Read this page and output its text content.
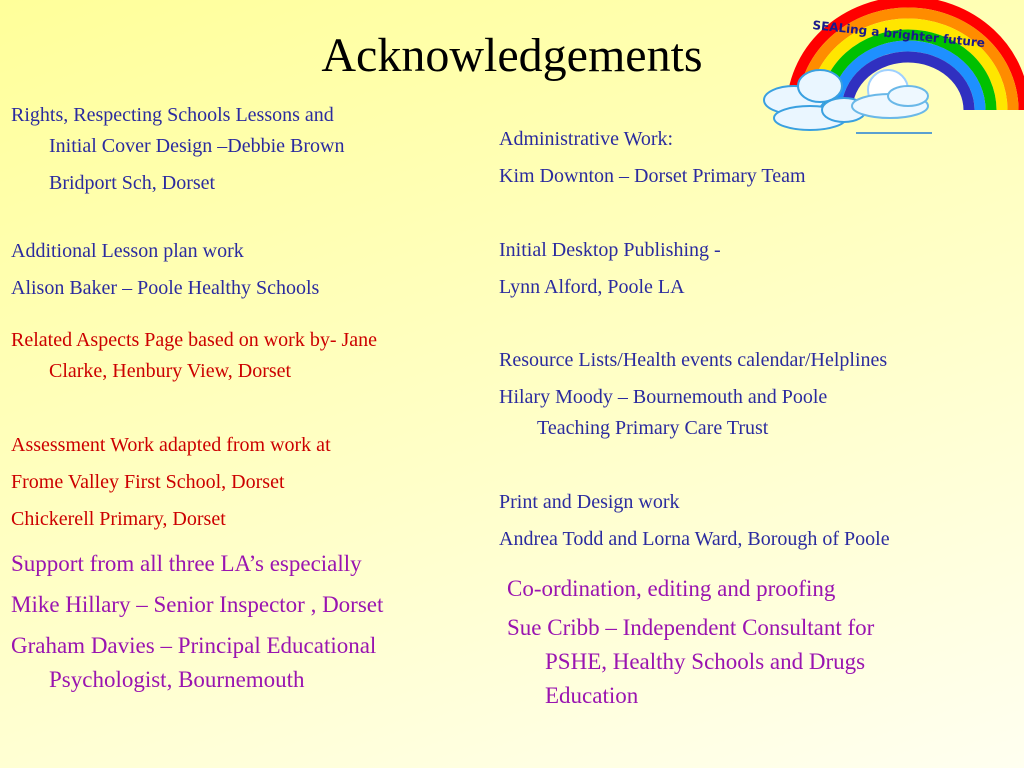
Acknowledgements	SEALing a brighter future
Rights, Respecting Schools Lessons and
Initial Cover Design –Debbie Brown
Bridport Sch, Dorset
Additional Lesson plan work
Alison Baker – Poole Healthy Schools
Related Aspects Page based on work by- Jane
Clarke, Henbury View, Dorset
Assessment Work adapted from work at
Frome Valley First School, Dorset
Chickerell Primary, Dorset
Support from all three LA’s especially
Mike Hillary – Senior Inspector , Dorset
Graham Davies – Principal Educational
Psychologist, Bournemouth
Administrative Work:
Kim Downton – Dorset Primary Team
Initial Desktop Publishing -
Lynn Alford, Poole LA
Resource Lists/Health events calendar/Helplines
Hilary Moody – Bournemouth and Poole
Teaching Primary Care Trust
Print and Design work
Andrea Todd and Lorna Ward, Borough of Poole
Co-ordination, editing and proofing
Sue Cribb – Independent Consultant for
PSHE, Healthy Schools and Drugs
Education
